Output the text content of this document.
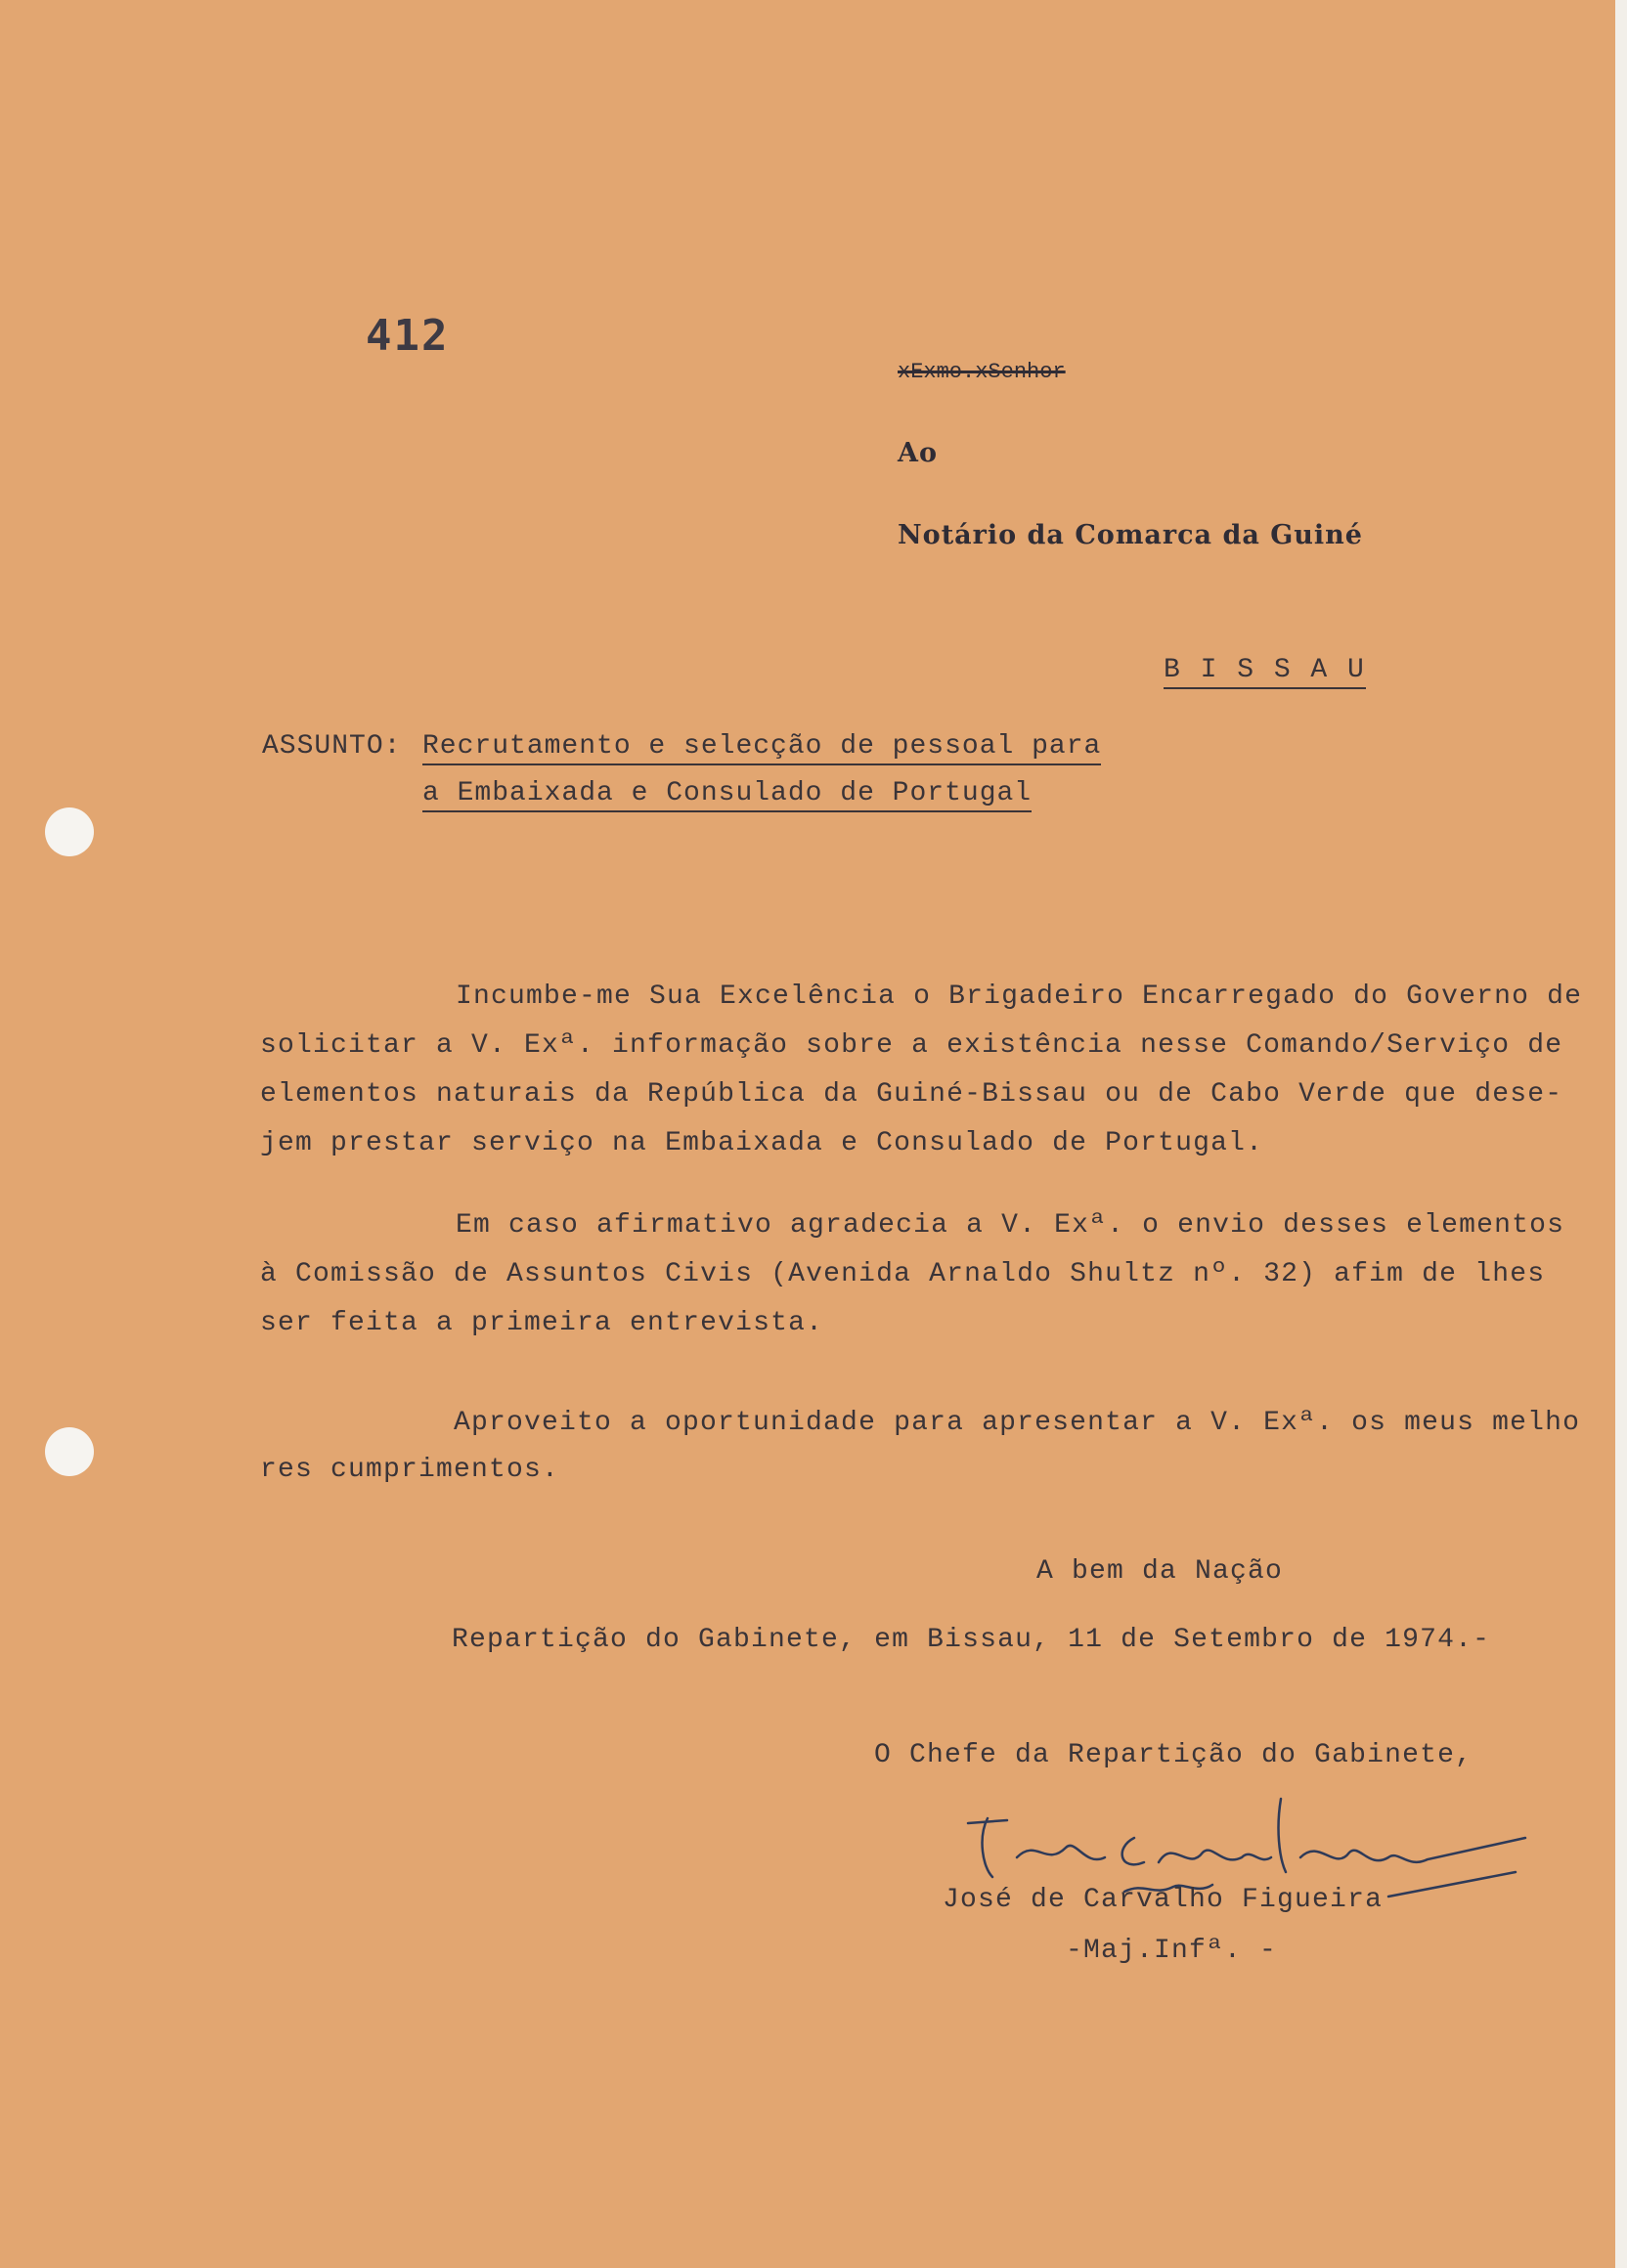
412
xExmo.xSenhor
Ao
Notário da Comarca da Guiné
B I S S A U
ASSUNTO: Recrutamento e selecção de pessoal para
a Embaixada e Consulado de Portugal
Incumbe-me Sua Excelência o Brigadeiro Encarregado do Governo de
solicitar a V. Exª. informação sobre a existência nesse Comando/Serviço de
elementos naturais da República da Guiné-Bissau ou de Cabo Verde que dese-
jem prestar serviço na Embaixada e Consulado de Portugal.
Em caso afirmativo agradecia a V. Exª. o envio desses elementos
à Comissão de Assuntos Civis (Avenida Arnaldo Shultz nº. 32) afim de lhes
ser feita a primeira entrevista.
Aproveito a oportunidade para apresentar a V. Exª. os meus melho
res cumprimentos.
A bem da Nação
Repartição do Gabinete, em Bissau, 11 de Setembro de 1974.-
O Chefe da Repartição do Gabinete,
José de Carvalho Figueira
-Maj.Infª. -
